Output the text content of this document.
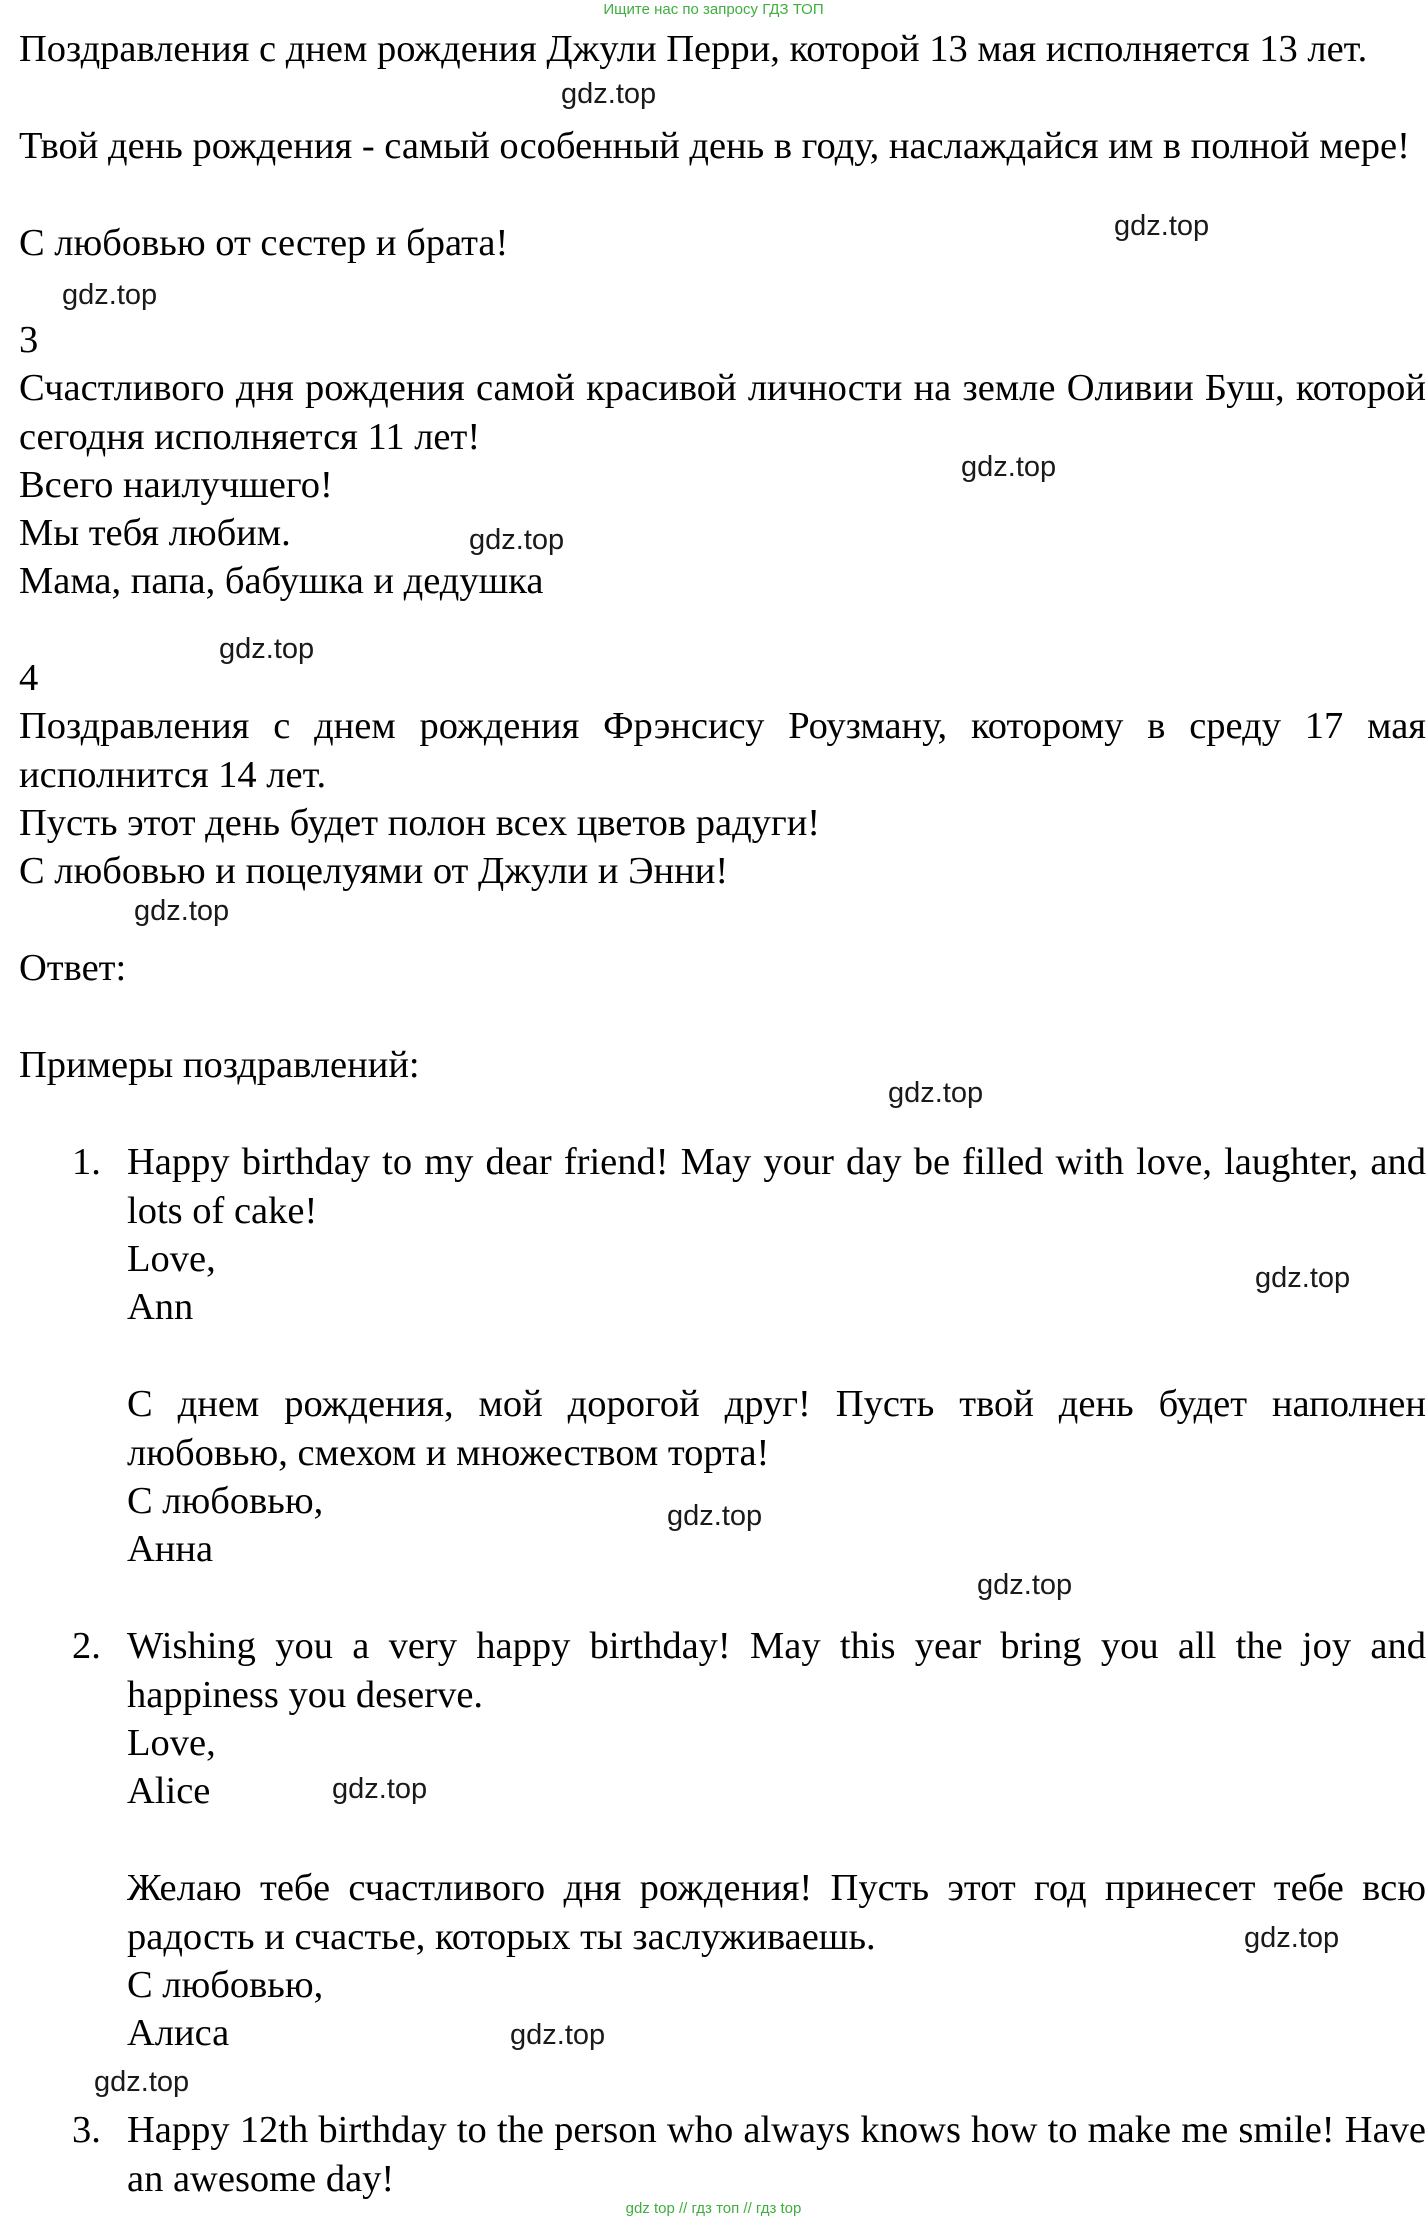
Ищите нас по запросу ГДЗ ТОП
Поздравления с днем рождения Джули Перри, которой 13 мая исполняется 13 лет.
Твой день рождения - самый особенный день в году, наслаждайся им в полной мере!
С любовью от сестер и брата!
3
Счастливого дня рождения самой красивой личности на земле Оливии Буш, которой сегодня исполняется 11 лет!
Всего наилучшего!
Мы тебя любим.
Мама, папа, бабушка и дедушка
4
Поздравления с днем рождения Фрэнсису Роузману, которому в среду 17 мая исполнится 14 лет.
Пусть этот день будет полон всех цветов радуги!
С любовью и поцелуями от Джули и Энни!
Ответ:
Примеры поздравлений:
1. Happy birthday to my dear friend! May your day be filled with love, laughter, and lots of cake!
Love,
Ann
С днем рождения, мой дорогой друг! Пусть твой день будет наполнен любовью, смехом и множеством торта!
С любовью,
Анна
2. Wishing you a very happy birthday! May this year bring you all the joy and happiness you deserve.
Love,
Alice
Желаю тебе счастливого дня рождения! Пусть этот год принесет тебе всю радость и счастье, которых ты заслуживаешь.
С любовью,
Алиса
3. Happy 12th birthday to the person who always knows how to make me smile! Have an awesome day!
gdz.top
gdz.top
gdz.top
gdz.top
gdz.top
gdz.top
gdz.top
gdz.top
gdz.top
gdz.top
gdz.top
gdz.top
gdz.top
gdz.top
gdz.top
gdz top // гдз топ // гдз top
